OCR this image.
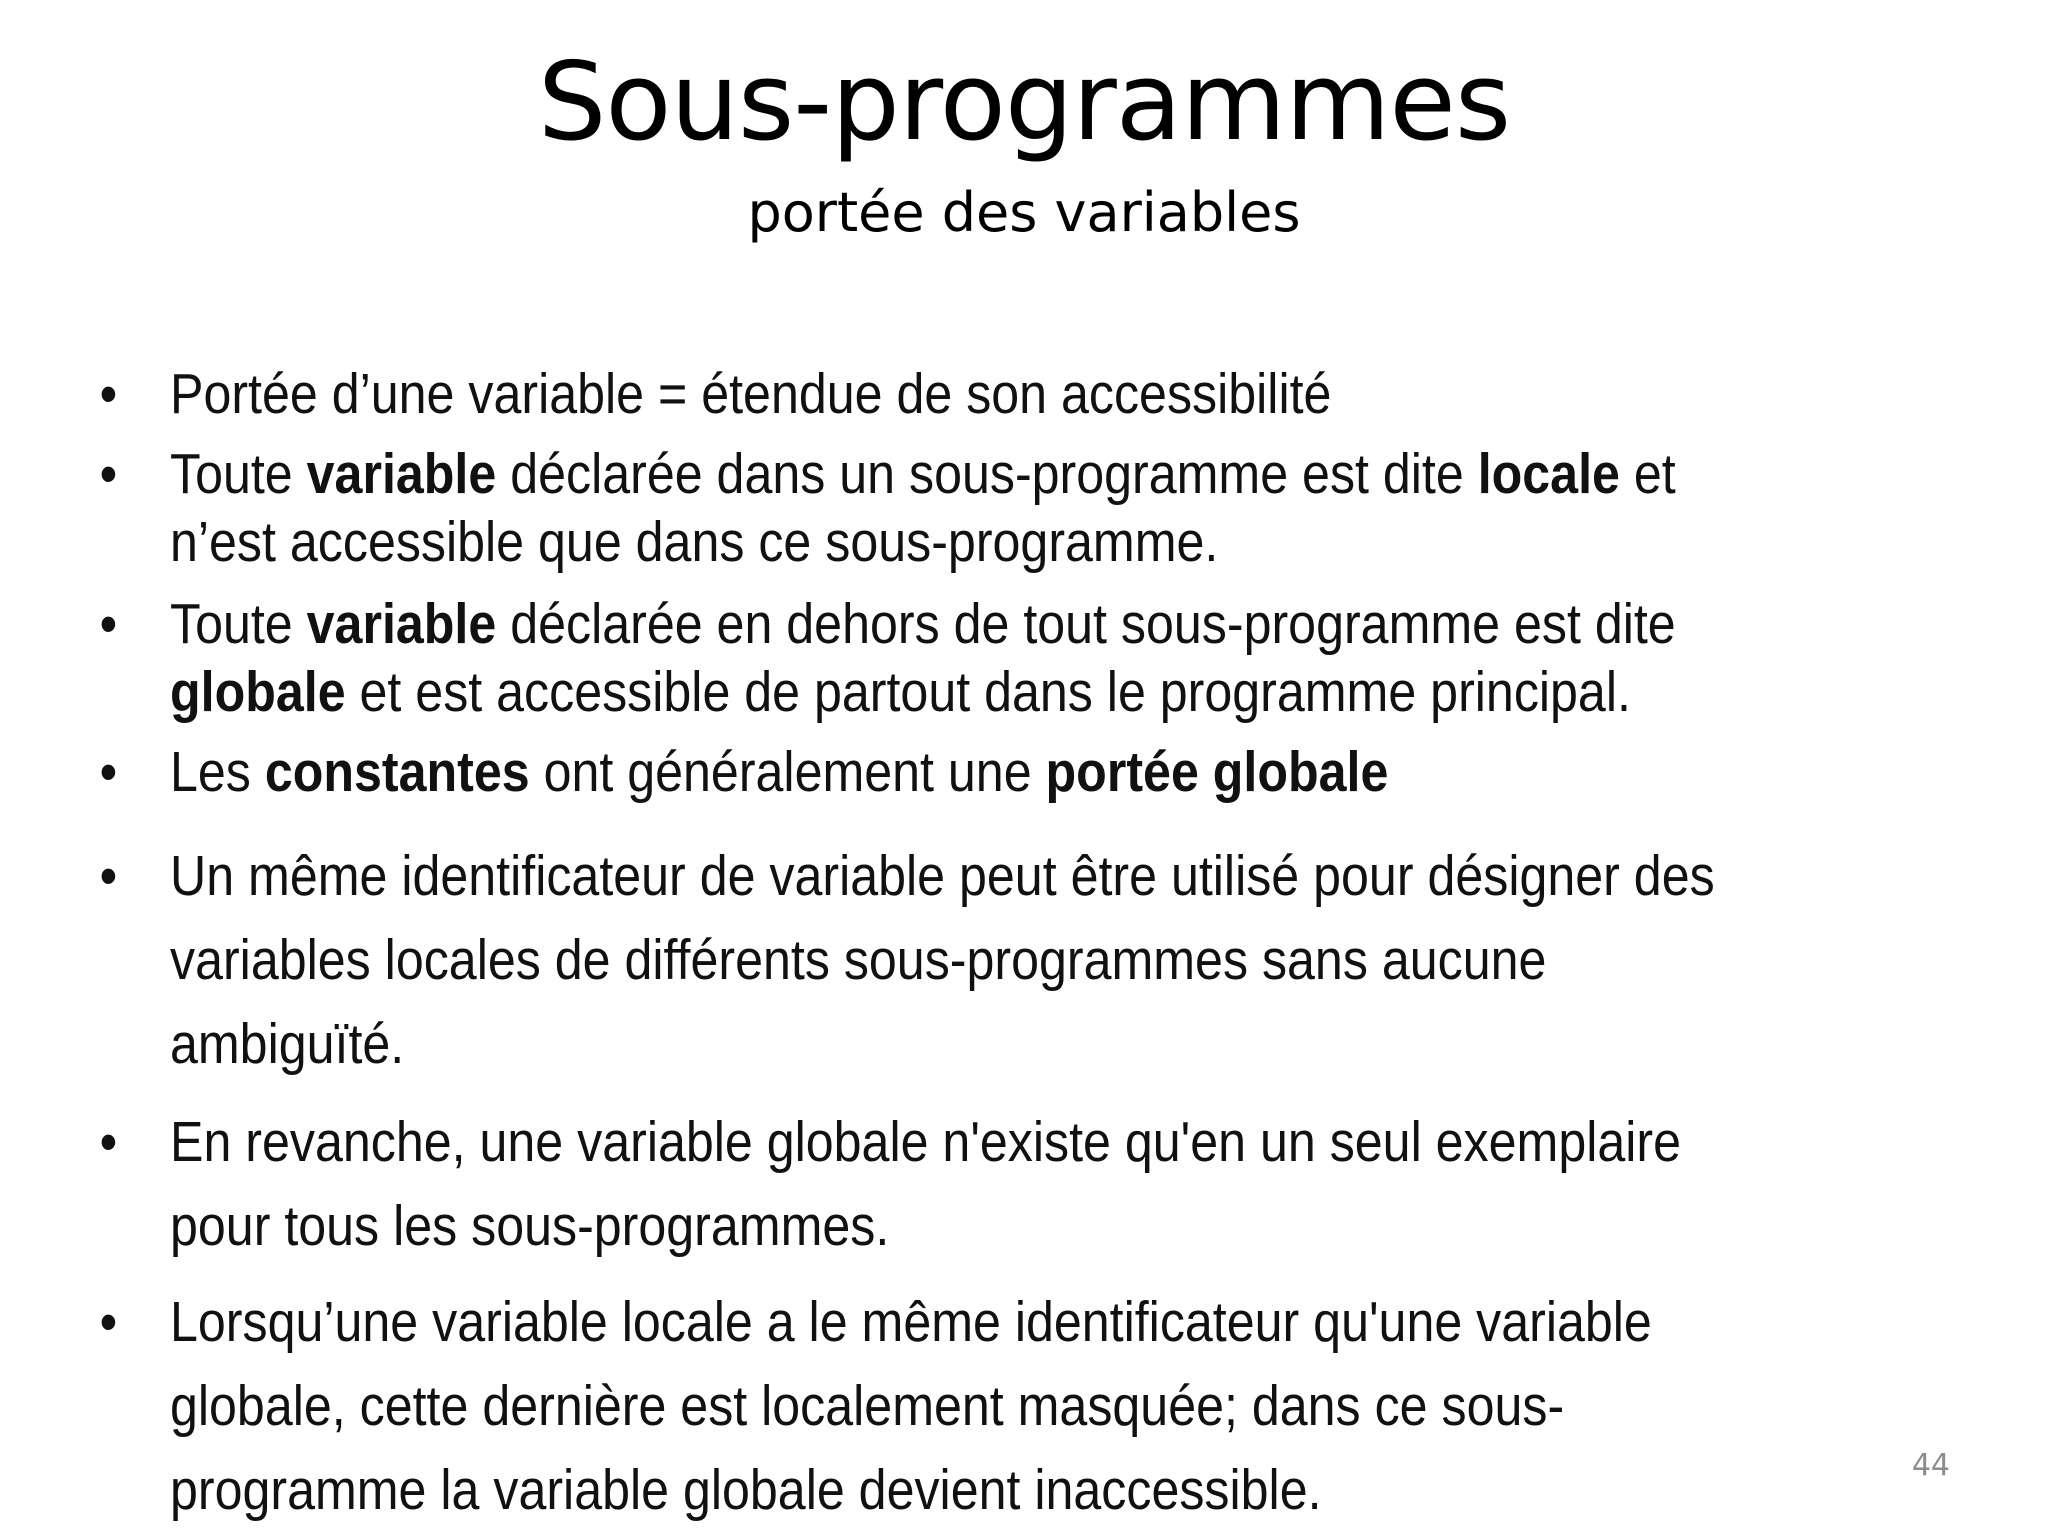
Sous-programmes
portée des variables
• Portée d’une variable = étendue de son accessibilité
• Toute variable déclarée dans un sous-programme est dite locale et
n’est accessible que dans ce sous-programme.
• Toute variable déclarée en dehors de tout sous-programme est dite
globale et est accessible de partout dans le programme principal.
• Les constantes ont généralement une portée globale
• Un même identificateur de variable peut être utilisé pour désigner des
variables locales de différents sous-programmes sans aucune
ambiguïté.
• En revanche, une variable globale n'existe qu'en un seul exemplaire
pour tous les sous-programmes.
• Lorsqu’une variable locale a le même identificateur qu'une variable
globale, cette dernière est localement masquée; dans ce sous-
programme la variable globale devient inaccessible.	44
